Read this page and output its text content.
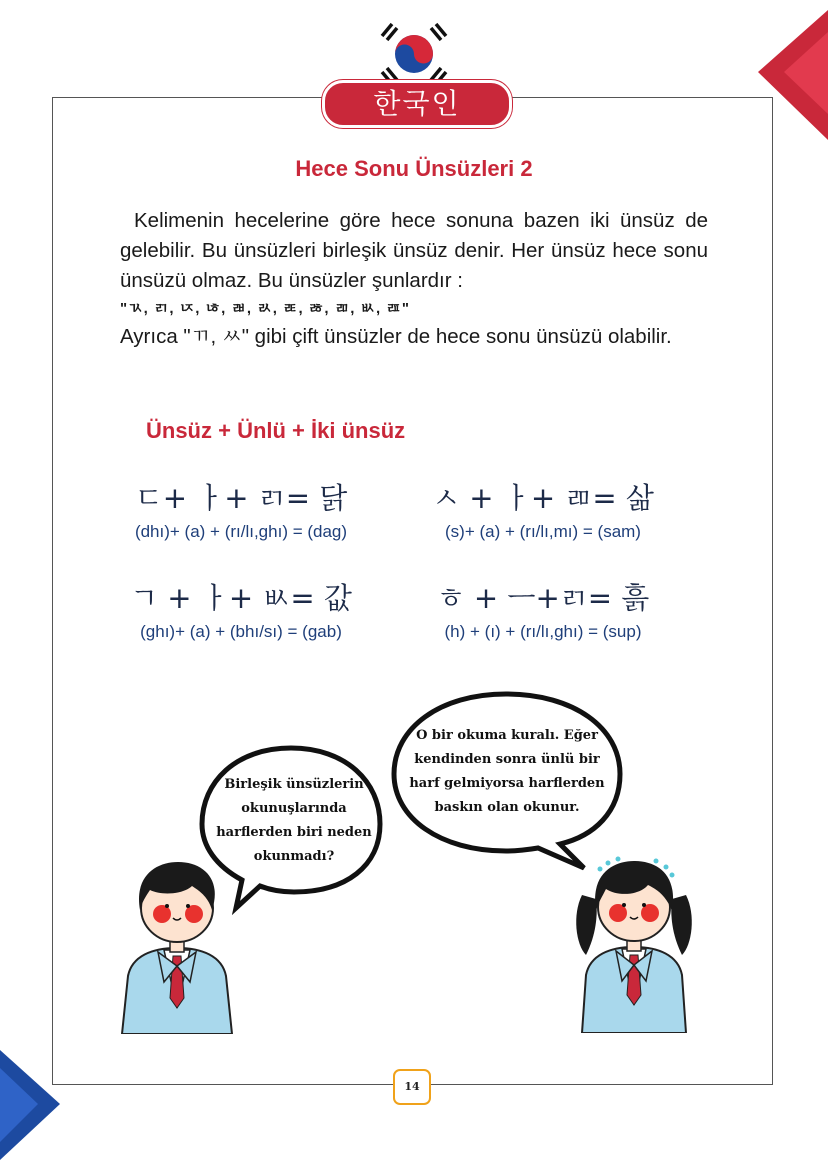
한국인
Hece Sonu Ünsüzleri 2

Kelimenin hecelerine göre hece sonuna bazen iki ünsüz de gelebilir. Bu ünsüzleri birleşik ünsüz denir. Her ünsüz hece sonu ünsüzü olmaz. Bu ünsüzler şunlardır :

"ㄳ, ㄺ, ㄵ, ㄶ, ㄼ, ㄽ, ㄾ, ㅀ, ㄻ, ㅄ, ㄿ"

Ayrıca "ㄲ, ㅆ" gibi çift ünsüzler de hece sonu ünsüzü olabilir.

Ünsüz + Ünlü + İki ünsüz
ㄷ+ ㅏ+ ㄺ= 닭
(dhı)+ (a) + (rı/lı,ghı) = (dag)
ㅅ + ㅏ+ ㄻ= 삶
(s)+ (a) + (rı/lı,mı) = (sam)
ㄱ + ㅏ+ ㅄ= 값
(ghı)+ (a) + (bhı/sı) = (gab)
ㅎ + ㅡ+ㄺ= 흙
(h) + (ı) + (rı/lı,ghı) = (sup)
Birleşik ünsüzlerin
okunuşlarında
harflerden biri neden
okunmadı?
O bir okuma kuralı. Eğer
kendinden sonra ünlü bir
harf gelmiyorsa harflerden
baskın olan okunur.
14
